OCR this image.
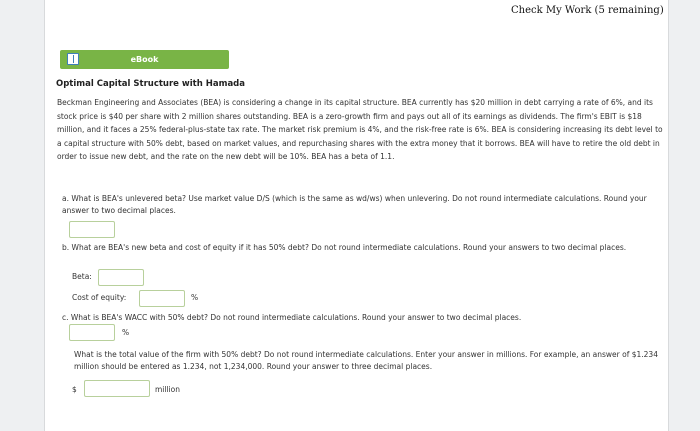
Check My Work (5 remaining)
eBook
Optimal Capital Structure with Hamada
Beckman Engineering and Associates (BEA) is considering a change in its capital structure. BEA currently has $20 million in debt carrying a rate of 6%, and its stock price is $40 per share with 2 million shares outstanding. BEA is a zero-growth firm and pays out all of its earnings as dividends. The firm's EBIT is $18 million, and it faces a 25% federal-plus-state tax rate. The market risk premium is 4%, and the risk-free rate is 6%. BEA is considering increasing its debt level to a capital structure with 50% debt, based on market values, and repurchasing shares with the extra money that it borrows. BEA will have to retire the old debt in order to issue new debt, and the rate on the new debt will be 10%. BEA has a beta of 1.1.
a. What is BEA's unlevered beta? Use market value D/S (which is the same as wd/ws) when unlevering. Do not round intermediate calculations. Round your answer to two decimal places.
b. What are BEA's new beta and cost of equity if it has 50% debt? Do not round intermediate calculations. Round your answers to two decimal places.
Beta:
Cost of equity:	%
c. What is BEA's WACC with 50% debt? Do not round intermediate calculations. Round your answer to two decimal places.
%
What is the total value of the firm with 50% debt? Do not round intermediate calculations. Enter your answer in millions. For example, an answer of $1.234 million should be entered as 1.234, not 1,234,000. Round your answer to three decimal places.
$	million
